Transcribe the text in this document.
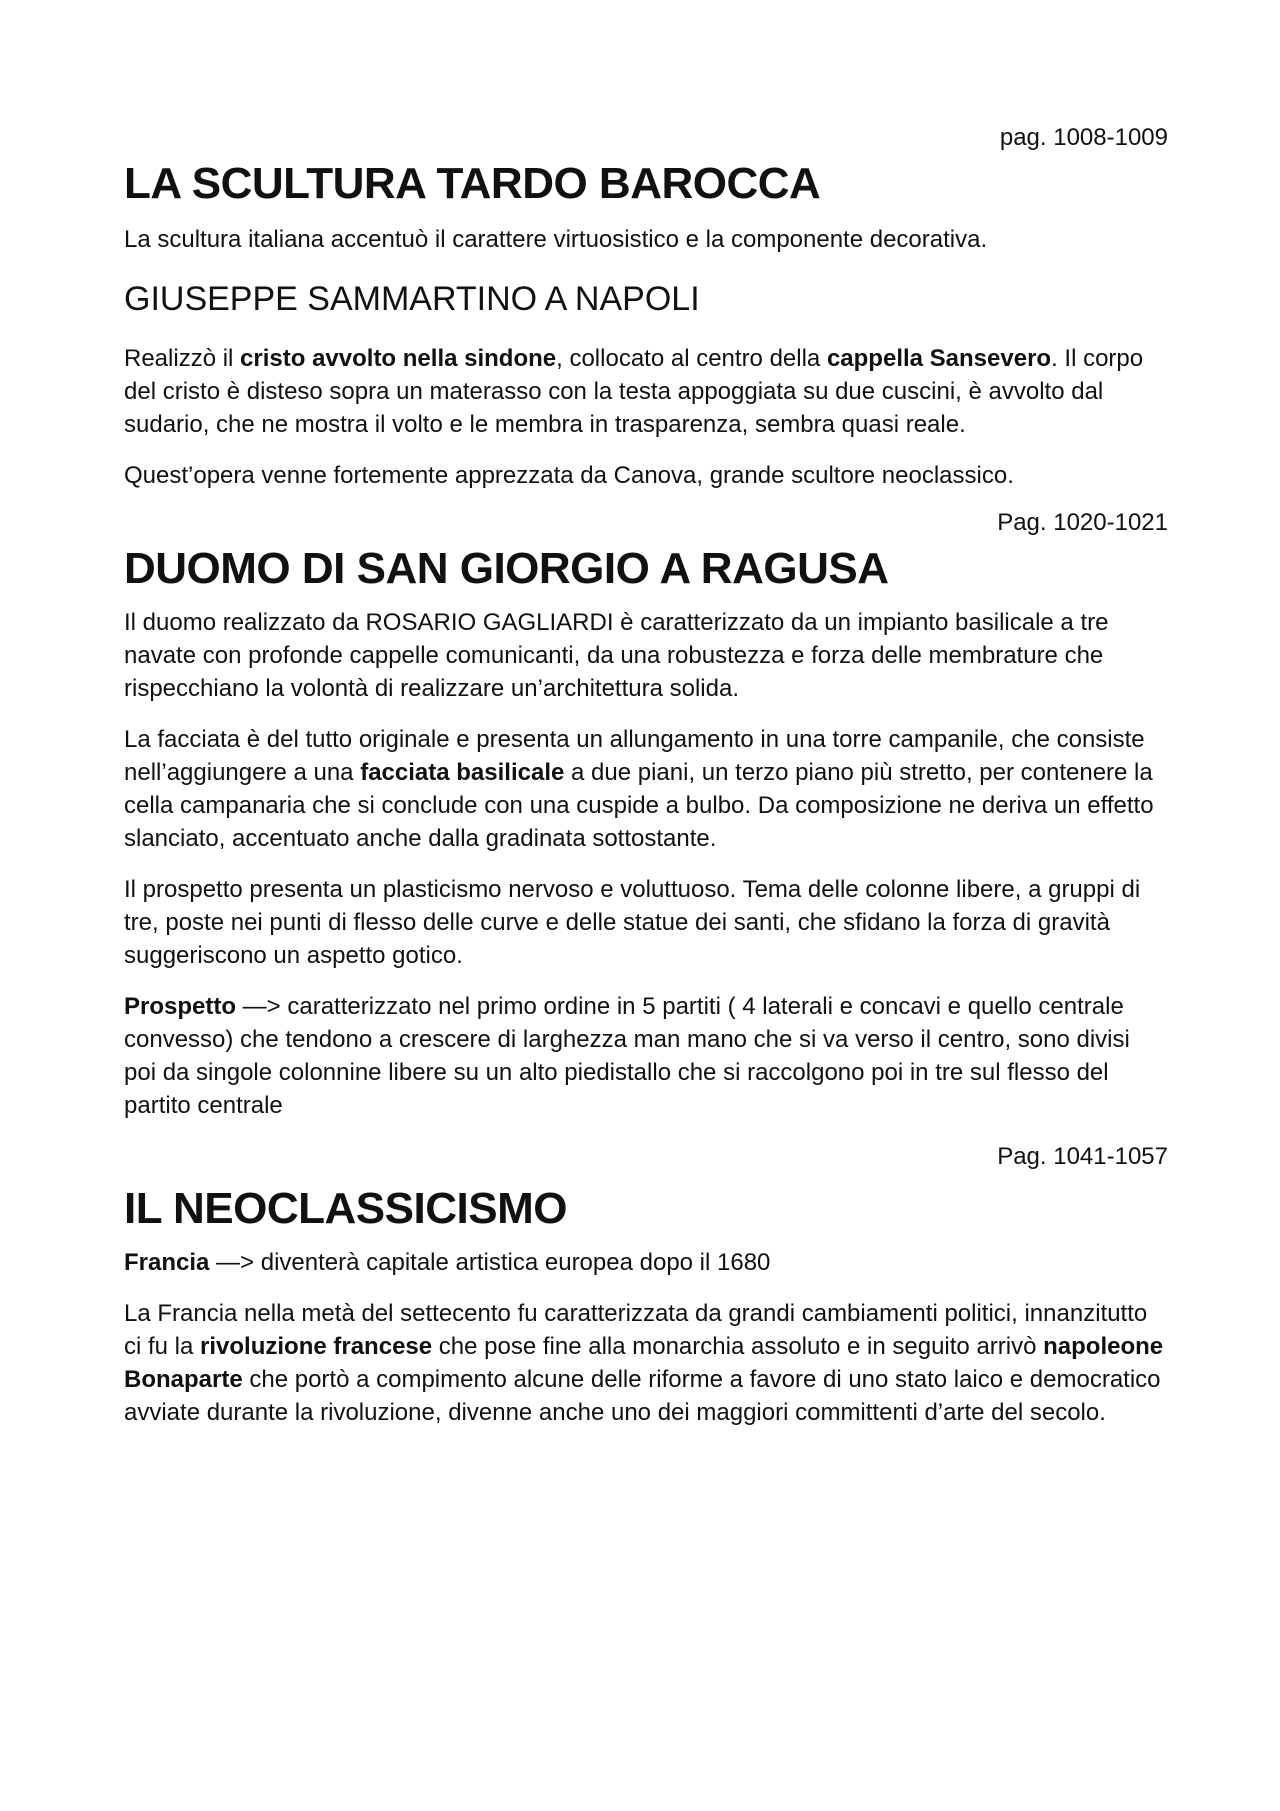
pag. 1008-1009

LA SCULTURA TARDO BAROCCA

La scultura italiana accentuò il carattere virtuosistico e la componente decorativa.

GIUSEPPE SAMMARTINO A NAPOLI

Realizzò il cristo avvolto nella sindone, collocato al centro della cappella Sansevero. Il corpo del cristo è disteso sopra un materasso con la testa appoggiata su due cuscini, è avvolto dal sudario, che ne mostra il volto e le membra in trasparenza, sembra quasi reale.

Quest’opera venne fortemente apprezzata da Canova, grande scultore neoclassico.

Pag. 1020-1021

DUOMO DI SAN GIORGIO A RAGUSA

Il duomo realizzato da ROSARIO GAGLIARDI è caratterizzato da un impianto basilicale a tre navate con profonde cappelle comunicanti, da una robustezza e forza delle membrature che rispecchiano la volontà di realizzare un’architettura solida.

La facciata è del tutto originale e presenta un allungamento in una torre campanile, che consiste nell’aggiungere a una facciata basilicale a due piani, un terzo piano più stretto, per contenere la cella campanaria che si conclude con una cuspide a bulbo. Da composizione ne deriva un effetto slanciato, accentuato anche dalla gradinata sottostante.

Il prospetto presenta un plasticismo nervoso e voluttuoso. Tema delle colonne libere, a gruppi di tre, poste nei punti di flesso delle curve e delle statue dei santi, che sfidano la forza di gravità suggeriscono un aspetto gotico.

Prospetto —> caratterizzato nel primo ordine in 5 partiti ( 4 laterali e concavi e quello centrale convesso) che tendono a crescere di larghezza man mano che si va verso il centro, sono divisi poi da singole colonnine libere su un alto piedistallo che si raccolgono poi in tre sul flesso del partito centrale

Pag. 1041-1057

IL NEOCLASSICISMO

Francia —> diventerà capitale artistica europea dopo il 1680

La Francia nella metà del settecento fu caratterizzata da grandi cambiamenti politici, innanzitutto ci fu la rivoluzione francese che pose fine alla monarchia assoluto e in seguito arrivò napoleone Bonaparte che portò a compimento alcune delle riforme a favore di uno stato laico e democratico avviate durante la rivoluzione, divenne anche uno dei maggiori committenti d’arte del secolo.
